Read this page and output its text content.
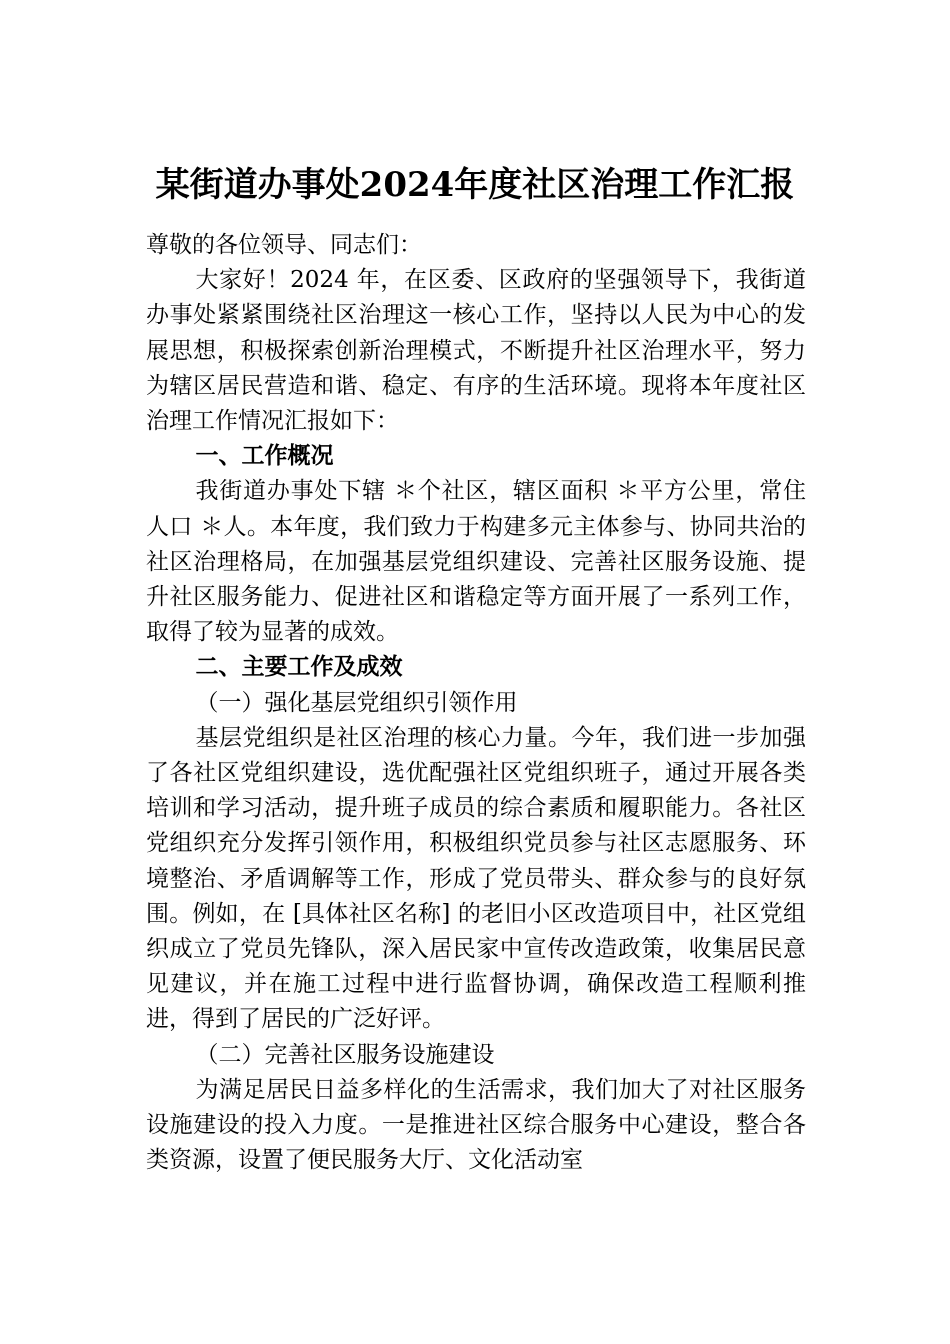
某街道办事处2024年度社区治理工作汇报

尊敬的各位领导、同志们：

大家好！2024 年，在区委、区政府的坚强领导下，我街道办事处紧紧围绕社区治理这一核心工作，坚持以人民为中心的发展思想，积极探索创新治理模式，不断提升社区治理水平，努力为辖区居民营造和谐、稳定、有序的生活环境。现将本年度社区治理工作情况汇报如下：

一、工作概况

我街道办事处下辖 ＊个社区，辖区面积 ＊平方公里，常住人口 ＊人。本年度，我们致力于构建多元主体参与、协同共治的社区治理格局，在加强基层党组织建设、完善社区服务设施、提升社区服务能力、促进社区和谐稳定等方面开展了一系列工作，取得了较为显著的成效。

二、主要工作及成效

（一）强化基层党组织引领作用

基层党组织是社区治理的核心力量。今年，我们进一步加强了各社区党组织建设，选优配强社区党组织班子，通过开展各类培训和学习活动，提升班子成员的综合素质和履职能力。各社区党组织充分发挥引领作用，积极组织党员参与社区志愿服务、环境整治、矛盾调解等工作，形成了党员带头、群众参与的良好氛围。例如，在 [具体社区名称] 的老旧小区改造项目中，社区党组织成立了党员先锋队，深入居民家中宣传改造政策，收集居民意见建议，并在施工过程中进行监督协调，确保改造工程顺利推进，得到了居民的广泛好评。

（二）完善社区服务设施建设

为满足居民日益多样化的生活需求，我们加大了对社区服务设施建设的投入力度。一是推进社区综合服务中心建设，整合各类资源，设置了便民服务大厅、文化活动室
